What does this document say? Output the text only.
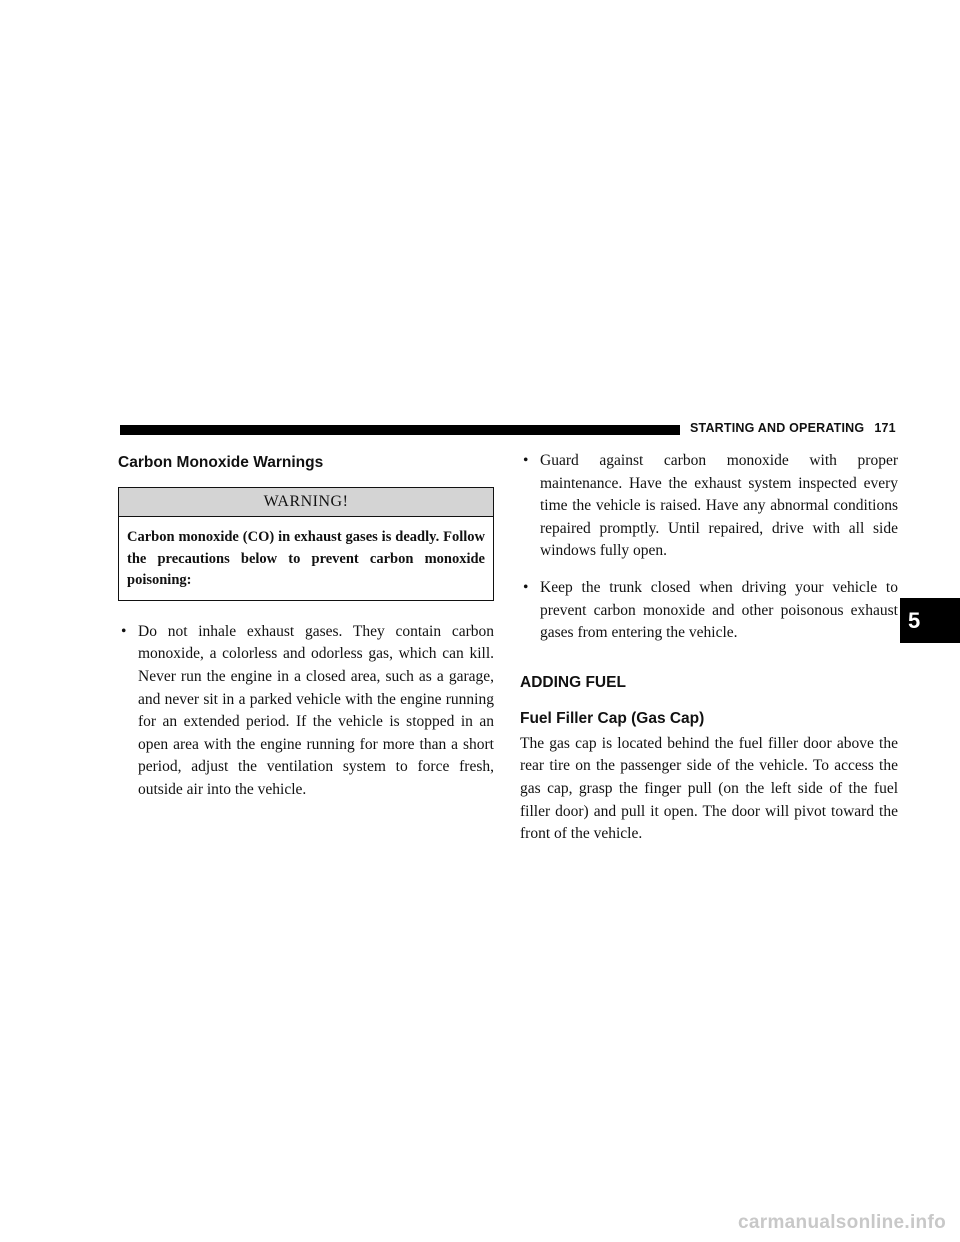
STARTING AND OPERATING 171
Carbon Monoxide Warnings
WARNING!
Carbon monoxide (CO) in exhaust gases is deadly. Follow the precautions below to prevent carbon monoxide poisoning:
• Do not inhale exhaust gases. They contain carbon monoxide, a colorless and odorless gas, which can kill. Never run the engine in a closed area, such as a garage, and never sit in a parked vehicle with the engine running for an extended period. If the vehicle is stopped in an open area with the engine running for more than a short period, adjust the ventilation system to force fresh, outside air into the vehicle.
• Guard against carbon monoxide with proper maintenance. Have the exhaust system inspected every time the vehicle is raised. Have any abnormal conditions repaired promptly. Until repaired, drive with all side windows fully open.
• Keep the trunk closed when driving your vehicle to prevent carbon monoxide and other poisonous exhaust gases from entering the vehicle.
ADDING FUEL
Fuel Filler Cap (Gas Cap)

The gas cap is located behind the fuel filler door above the rear tire on the passenger side of the vehicle. To access the gas cap, grasp the finger pull (on the left side of the fuel filler door) and pull it open. The door will pivot toward the front of the vehicle.

5
carmanualsonline.info
